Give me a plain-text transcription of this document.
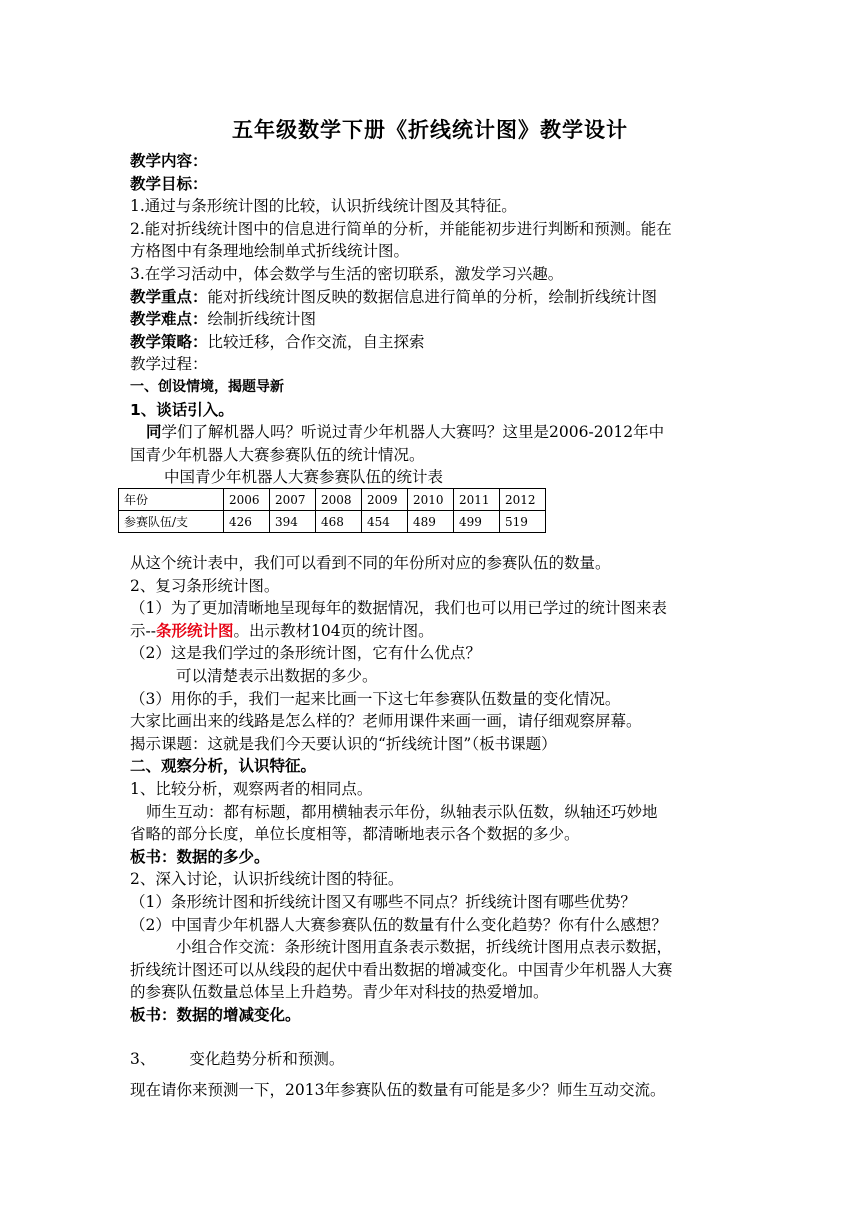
五年级数学下册《折线统计图》教学设计
教学内容：
教学目标：
1.通过与条形统计图的比较，认识折线统计图及其特征。
2.能对折线统计图中的信息进行简单的分析，并能能初步进行判断和预测。能在
方格图中有条理地绘制单式折线统计图。
3.在学习活动中，体会数学与生活的密切联系，激发学习兴趣。
教学重点：能对折线统计图反映的数据信息进行简单的分析，绘制折线统计图
教学难点：绘制折线统计图
教学策略：比较迁移，合作交流，自主探索
教学过程：
一、创设情境，揭题导新
1、谈话引入。
同学们了解机器人吗？听说过青少年机器人大赛吗？这里是2006-2012年中
国青少年机器人大赛参赛队伍的统计情况。
中国青少年机器人大赛参赛队伍的统计表
年份	2006	2007	2008	2009	2010	2011	2012
参赛队伍/支	426	394	468	454	489	499	519
从这个统计表中，我们可以看到不同的年份所对应的参赛队伍的数量。
2、复习条形统计图。
（1）为了更加清晰地呈现每年的数据情况，我们也可以用已学过的统计图来表
示--条形统计图。出示教材104页的统计图。
（2）这是我们学过的条形统计图，它有什么优点？
可以清楚表示出数据的多少。
（3）用你的手，我们一起来比画一下这七年参赛队伍数量的变化情况。
大家比画出来的线路是怎么样的？老师用课件来画一画，请仔细观察屏幕。
揭示课题：这就是我们今天要认识的“折线统计图”（板书课题）
二、观察分析，认识特征。
1、比较分析，观察两者的相同点。
师生互动：都有标题，都用横轴表示年份，纵轴表示队伍数，纵轴还巧妙地
省略的部分长度，单位长度相等，都清晰地表示各个数据的多少。
板书：数据的多少。
2、深入讨论，认识折线统计图的特征。
（1）条形统计图和折线统计图又有哪些不同点？折线统计图有哪些优势？
（2）中国青少年机器人大赛参赛队伍的数量有什么变化趋势？你有什么感想？
小组合作交流：条形统计图用直条表示数据，折线统计图用点表示数据，
折线统计图还可以从线段的起伏中看出数据的增减变化。中国青少年机器人大赛
的参赛队伍数量总体呈上升趋势。青少年对科技的热爱增加。
板书：数据的增减变化。
3、 变化趋势分析和预测。
现在请你来预测一下，2013年参赛队伍的数量有可能是多少？师生互动交流。
